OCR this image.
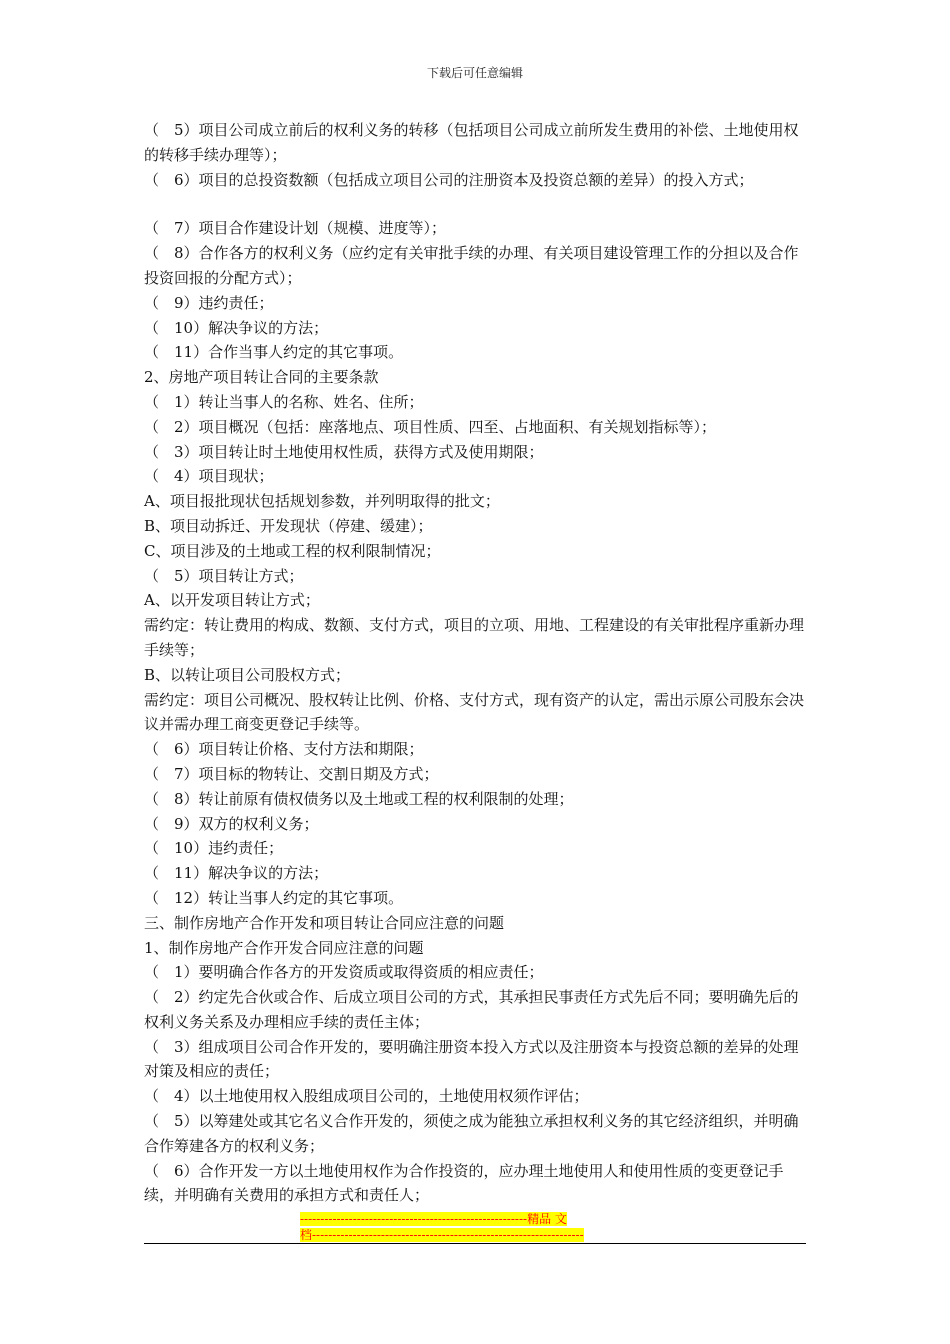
下载后可任意编辑

（　5）项目公司成立前后的权利义务的转移（包括项目公司成立前所发生费用的补偿、土地使用权的转移手续办理等）；

（　6）项目的总投资数额（包括成立项目公司的注册资本及投资总额的差异）的投入方式；

（　7）项目合作建设计划（规模、进度等）；

（　8）合作各方的权利义务（应约定有关审批手续的办理、有关项目建设管理工作的分担以及合作投资回报的分配方式）；

（　9）违约责任；

（　10）解决争议的方法；

（　11）合作当事人约定的其它事项。

2、房地产项目转让合同的主要条款

（　1）转让当事人的名称、姓名、住所；

（　2）项目概况（包括：座落地点、项目性质、四至、占地面积、有关规划指标等）；

（　3）项目转让时土地使用权性质，获得方式及使用期限；

（　4）项目现状；

A、项目报批现状包括规划参数，并列明取得的批文；

B、项目动拆迁、开发现状（停建、缓建）；

C、项目涉及的土地或工程的权利限制情况；

（　5）项目转让方式；

A、以开发项目转让方式；

需约定：转让费用的构成、数额、支付方式，项目的立项、用地、工程建设的有关审批程序重新办理手续等；

B、以转让项目公司股权方式；

需约定：项目公司概况、股权转让比例、价格、支付方式，现有资产的认定，需出示原公司股东会决议并需办理工商变更登记手续等。

（　6）项目转让价格、支付方法和期限；

（　7）项目标的物转让、交割日期及方式；

（　8）转让前原有债权债务以及土地或工程的权利限制的处理；

（　9）双方的权利义务；

（　10）违约责任；

（　11）解决争议的方法；

（　12）转让当事人约定的其它事项。

三、制作房地产合作开发和项目转让合同应注意的问题

1、制作房地产合作开发合同应注意的问题

（　1）要明确合作各方的开发资质或取得资质的相应责任；

（　2）约定先合伙或合作、后成立项目公司的方式，其承担民事责任方式先后不同；要明确先后的权利义务关系及办理相应手续的责任主体；

（　3）组成项目公司合作开发的，要明确注册资本投入方式以及注册资本与投资总额的差异的处理对策及相应的责任；

（　4）以土地使用权入股组成项目公司的，土地使用权须作评估；

（　5）以筹建处或其它名义合作开发的，须使之成为能独立承担权利义务的其它经济组织，并明确合作筹建各方的权利义务；

（　6）合作开发一方以土地使用权作为合作投资的，应办理土地使用人和使用性质的变更登记手续，并明确有关费用的承担方式和责任人；

--------------------------------------------------------精品 文
档-------------------------------------------------------------------
